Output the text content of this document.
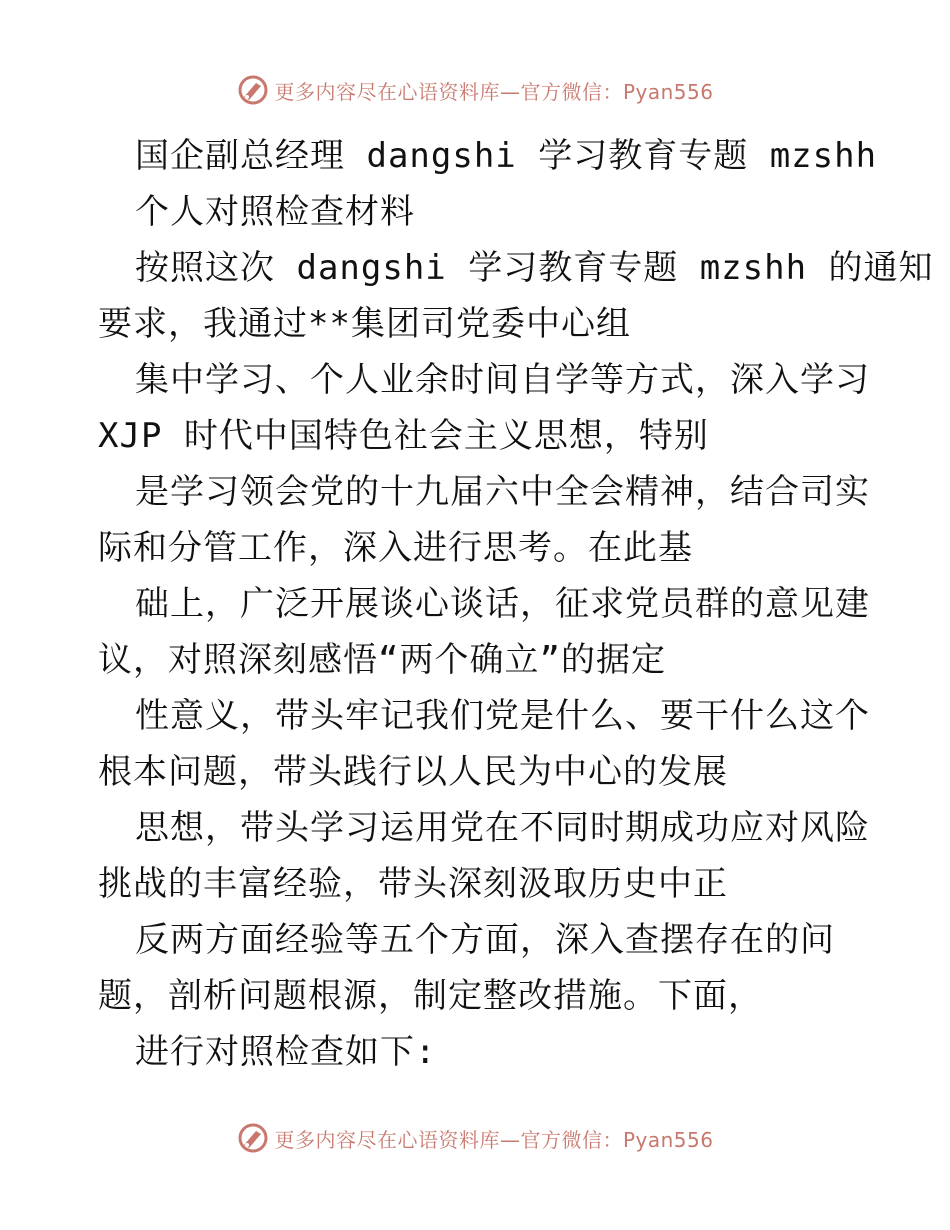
更多内容尽在心语资料库—官方微信：Pyan556
国企副总经理 dangshi 学习教育专题 mzshh
个人对照检查材料
按照这次 dangshi 学习教育专题 mzshh 的通知
要求，我通过**集团司党委中心组
集中学习、个人业余时间自学等方式，深入学习
XJP 时代中国特色社会主义思想，特别
是学习领会党的十九届六中全会精神，结合司实
际和分管工作，深入进行思考。在此基
础上，广泛开展谈心谈话，征求党员群的意见建
议，对照深刻感悟“两个确立”的据定
性意义，带头牢记我们党是什么、要干什么这个
根本问题，带头践行以人民为中心的发展
思想，带头学习运用党在不同时期成功应对风险
挑战的丰富经验，带头深刻汲取历史中正
反两方面经验等五个方面，深入查摆存在的问
题，剖析问题根源，制定整改措施。下面，
进行对照检查如下:
更多内容尽在心语资料库—官方微信：Pyan556
